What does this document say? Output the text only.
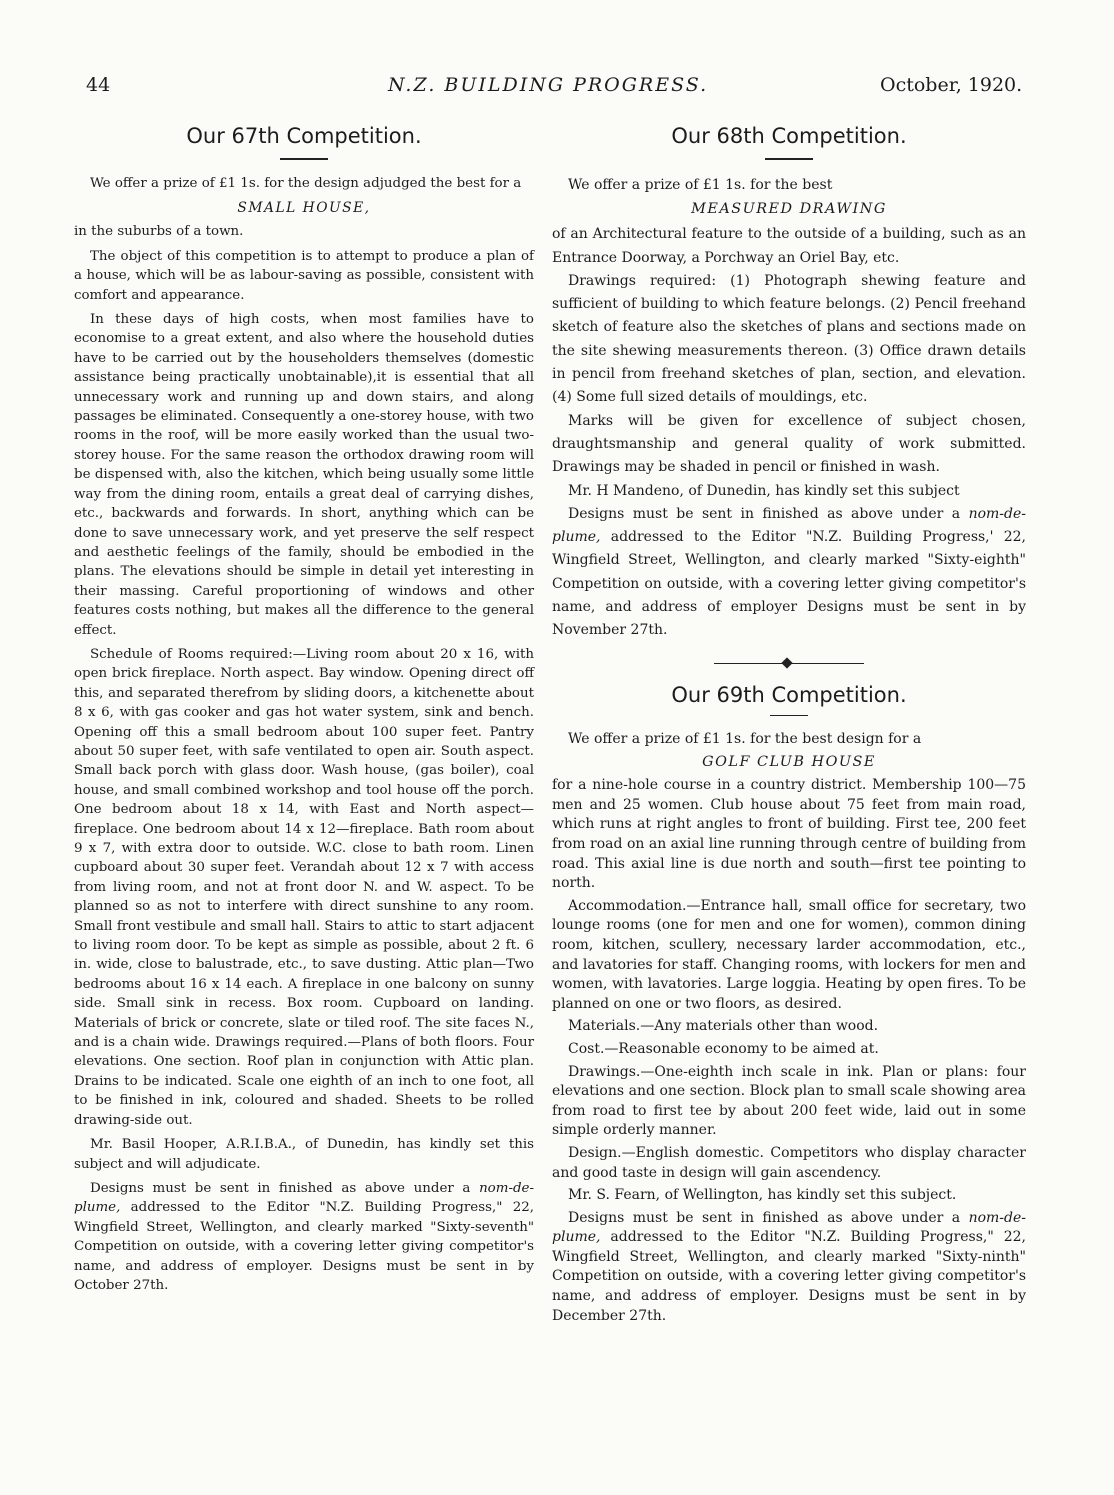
44	N.Z. BUILDING PROGRESS.	October, 1920.
Our 67th Competition.

We offer a prize of £1 1s. for the design adjudged the best for a

SMALL HOUSE,

in the suburbs of a town.

The object of this competition is to attempt to produce a plan of a house, which will be as labour-saving as possible, consistent with comfort and appearance.

In these days of high costs, when most families have to economise to a great extent, and also where the household duties have to be carried out by the householders themselves (domestic assistance being practically unobtainable),it is essential that all unnecessary work and running up and down stairs, and along passages be eliminated. Consequently a one-storey house, with two rooms in the roof, will be more easily worked than the usual two-storey house. For the same reason the orthodox drawing room will be dispensed with, also the kitchen, which being usually some little way from the dining room, entails a great deal of carrying dishes, etc., backwards and forwards. In short, anything which can be done to save unnecessary work, and yet preserve the self respect and aesthetic feelings of the family, should be embodied in the plans. The elevations should be simple in detail yet interesting in their massing. Careful proportioning of windows and other features costs nothing, but makes all the difference to the general effect.

Schedule of Rooms required:—Living room about 20 x 16, with open brick fireplace. North aspect. Bay window. Opening direct off this, and separated therefrom by sliding doors, a kitchenette about 8 x 6, with gas cooker and gas hot water system, sink and bench. Opening off this a small bedroom about 100 super feet. Pantry about 50 super feet, with safe ventilated to open air. South aspect. Small back porch with glass door. Wash house, (gas boiler), coal house, and small combined workshop and tool house off the porch. One bedroom about 18 x 14, with East and North aspect—fireplace. One bedroom about 14 x 12—fireplace. Bath room about 9 x 7, with extra door to outside. W.C. close to bath room. Linen cupboard about 30 super feet. Verandah about 12 x 7 with access from living room, and not at front door N. and W. aspect. To be planned so as not to interfere with direct sunshine to any room. Small front vestibule and small hall. Stairs to attic to start adjacent to living room door. To be kept as simple as possible, about 2 ft. 6 in. wide, close to balustrade, etc., to save dusting. Attic plan—Two bedrooms about 16 x 14 each. A fireplace in one balcony on sunny side. Small sink in recess. Box room. Cupboard on landing. Materials of brick or concrete, slate or tiled roof. The site faces N., and is a chain wide. Drawings required.—Plans of both floors. Four elevations. One section. Roof plan in conjunction with Attic plan. Drains to be indicated. Scale one eighth of an inch to one foot, all to be finished in ink, coloured and shaded. Sheets to be rolled drawing-side out.

Mr. Basil Hooper, A.R.I.B.A., of Dunedin, has kindly set this subject and will adjudicate.

Designs must be sent in finished as above under a nom-de-plume, addressed to the Editor "N.Z. Building Progress," 22, Wingfield Street, Wellington, and clearly marked "Sixty-seventh" Competition on outside, with a covering letter giving competitor's name, and address of employer. Designs must be sent in by October 27th.

Our 68th Competition.

We offer a prize of £1 1s. for the best

MEASURED DRAWING

of an Architectural feature to the outside of a building, such as an Entrance Doorway, a Porchway an Oriel Bay, etc.

Drawings required: (1) Photograph shewing feature and sufficient of building to which feature belongs. (2) Pencil freehand sketch of feature also the sketches of plans and sections made on the site shewing measurements thereon. (3) Office drawn details in pencil from freehand sketches of plan, section, and elevation. (4) Some full sized details of mouldings, etc.

Marks will be given for excellence of subject chosen, draughtsmanship and general quality of work submitted. Drawings may be shaded in pencil or finished in wash.

Mr. H Mandeno, of Dunedin, has kindly set this subject

Designs must be sent in finished as above under a nom-de-plume, addressed to the Editor "N.Z. Building Progress,' 22, Wingfield Street, Wellington, and clearly marked "Sixty-eighth" Competition on outside, with a covering letter giving competitor's name, and address of employer Designs must be sent in by November 27th.

Our 69th Competition.

We offer a prize of £1 1s. for the best design for a

GOLF CLUB HOUSE

for a nine-hole course in a country district. Membership 100—75 men and 25 women. Club house about 75 feet from main road, which runs at right angles to front of building. First tee, 200 feet from road on an axial line running through centre of building from road. This axial line is due north and south—first tee pointing to north.

Accommodation.—Entrance hall, small office for secretary, two lounge rooms (one for men and one for women), common dining room, kitchen, scullery, necessary larder accommodation, etc., and lavatories for staff. Changing rooms, with lockers for men and women, with lavatories. Large loggia. Heating by open fires. To be planned on one or two floors, as desired.

Materials.—Any materials other than wood.

Cost.—Reasonable economy to be aimed at.

Drawings.—One-eighth inch scale in ink. Plan or plans: four elevations and one section. Block plan to small scale showing area from road to first tee by about 200 feet wide, laid out in some simple orderly manner.

Design.—English domestic. Competitors who display character and good taste in design will gain ascendency.

Mr. S. Fearn, of Wellington, has kindly set this subject.

Designs must be sent in finished as above under a nom-de-plume, addressed to the Editor "N.Z. Building Progress," 22, Wingfield Street, Wellington, and clearly marked "Sixty-ninth" Competition on outside, with a covering letter giving competitor's name, and address of employer. Designs must be sent in by December 27th.
